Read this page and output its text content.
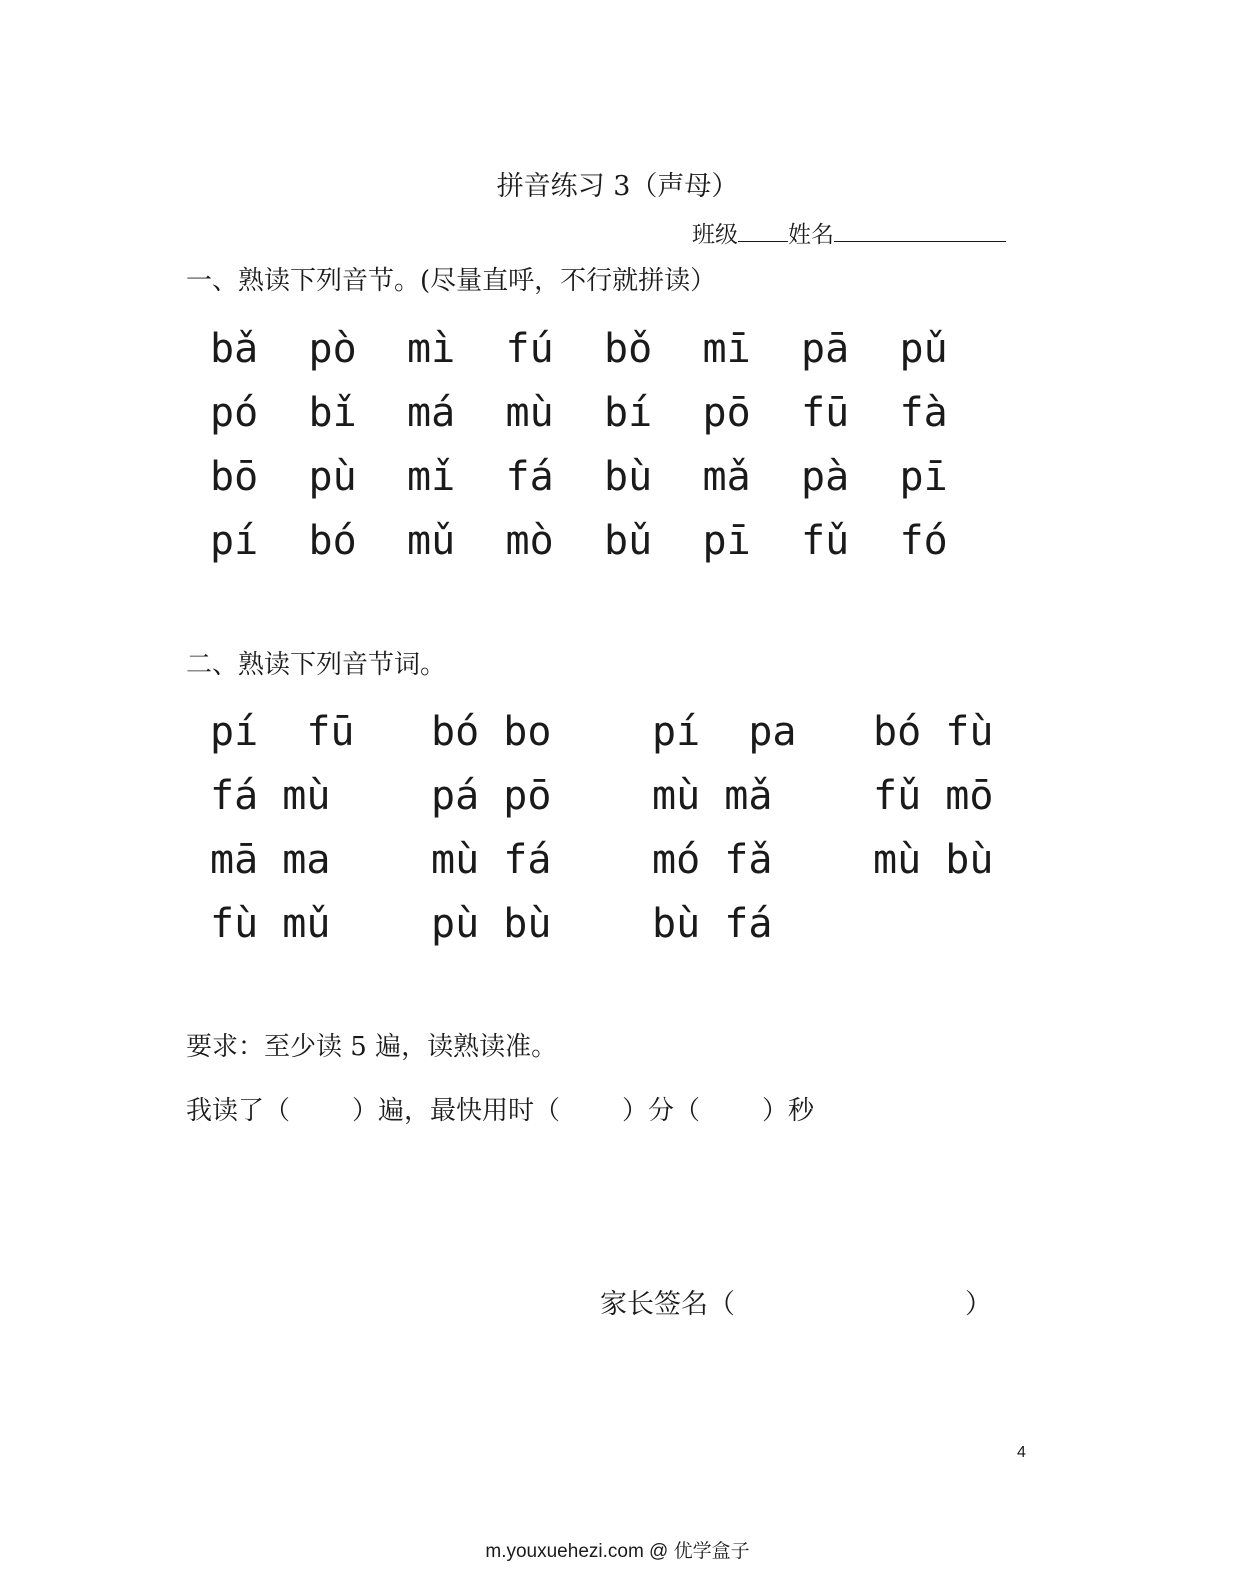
拼音练习 3（声母）
班级 姓名
一、熟读下列音节。(尽量直呼，不行就拼读）
bǎ	pò	mì	fú	bǒ	mī	pā	pǔ
pó	bǐ	má	mù	bí	pō	fū	fà
bō	pù	mǐ	fá	bù	mǎ	pà	pī
pí	bó	mǔ	mò	bǔ	pī	fǔ	fó
二、熟读下列音节词。
pí  fū	bó bo	pí  pa	bó fù
fá mù	pá pō	mù mǎ	fǔ mō
mā ma	mù fá	mó fǎ	mù bù
fù mǔ	pù bù	bù fá
要求：至少读 5 遍，读熟读准。
我读了（ ）遍，最快用时（ ）分（ ）秒
家长签名（	）
4
m.youxuehezi.com @ 优学盒子
